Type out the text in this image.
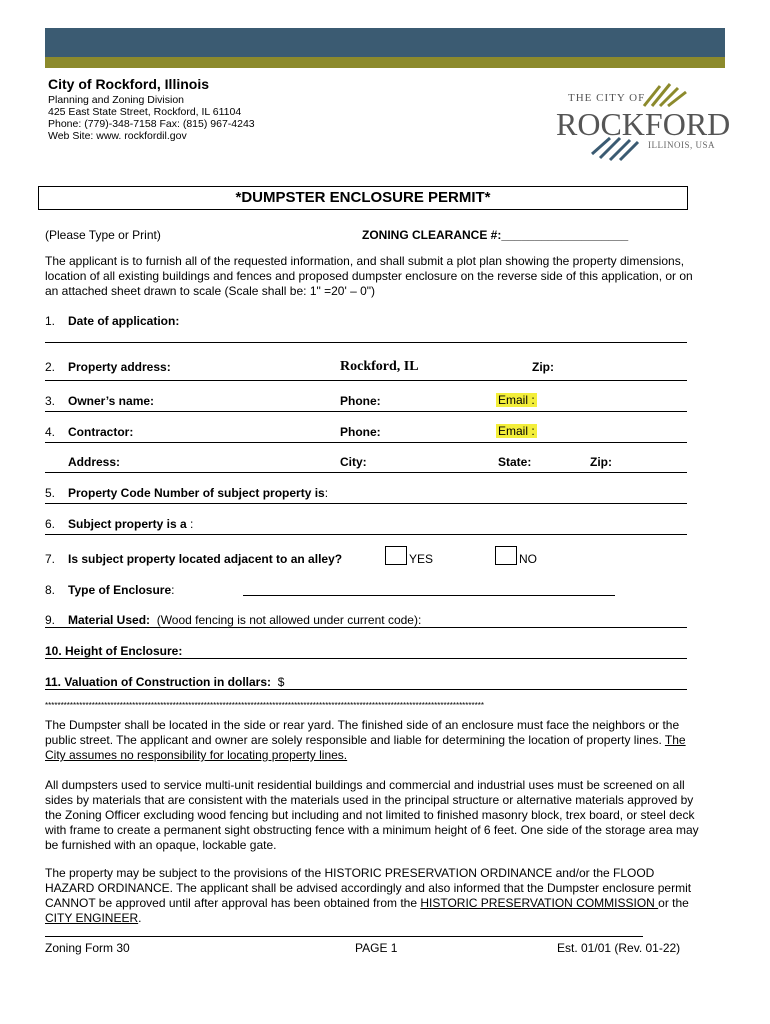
City of Rockford, Illinois
Planning and Zoning Division
425 East State Street, Rockford, IL 61104
Phone: (779)-348-7158 Fax: (815) 967-4243
Web Site: www. rockfordil.gov
THE CITY OF
ROCKFORD
ILLINOIS, USA
*DUMPSTER ENCLOSURE PERMIT*
(Please Type or Print)	ZONING CLEARANCE #:___________________
The applicant is to furnish all of the requested information, and shall submit a plot plan showing the property dimensions, location of all existing buildings and fences and proposed dumpster enclosure on the reverse side of this application, or on an attached sheet drawn to scale (Scale shall be: 1" =20' – 0")
1. Date of application:
2. Property address:	Rockford, IL	Zip:
3. Owner’s name:	Phone:	Email :
4. Contractor:	Phone:	Email :
Address:	City:	State:	Zip:
5. Property Code Number of subject property is:
6. Subject property is a :
7. Is subject property located adjacent to an alley?	YES	NO
8. Type of Enclosure:
9. Material Used: (Wood fencing is not allowed under current code):
10. Height of Enclosure:
11. Valuation of Construction in dollars: $
*********************************************************************************************************************************************
The Dumpster shall be located in the side or rear yard. The finished side of an enclosure must face the neighbors or the public street. The applicant and owner are solely responsible and liable for determining the location of property lines. The City assumes no responsibility for locating property lines.
All dumpsters used to service multi-unit residential buildings and commercial and industrial uses must be screened on all sides by materials that are consistent with the materials used in the principal structure or alternative materials approved by the Zoning Officer excluding wood fencing but including and not limited to finished masonry block, trex board, or steel deck with frame to create a permanent sight obstructing fence with a minimum height of 6 feet. One side of the storage area may be furnished with an opaque, lockable gate.
The property may be subject to the provisions of the HISTORIC PRESERVATION ORDINANCE and/or the FLOOD HAZARD ORDINANCE. The applicant shall be advised accordingly and also informed that the Dumpster enclosure permit CANNOT be approved until after approval has been obtained from the HISTORIC PRESERVATION COMMISSION or the CITY ENGINEER.
Zoning Form 30	PAGE 1	Est. 01/01 (Rev. 01-22)
